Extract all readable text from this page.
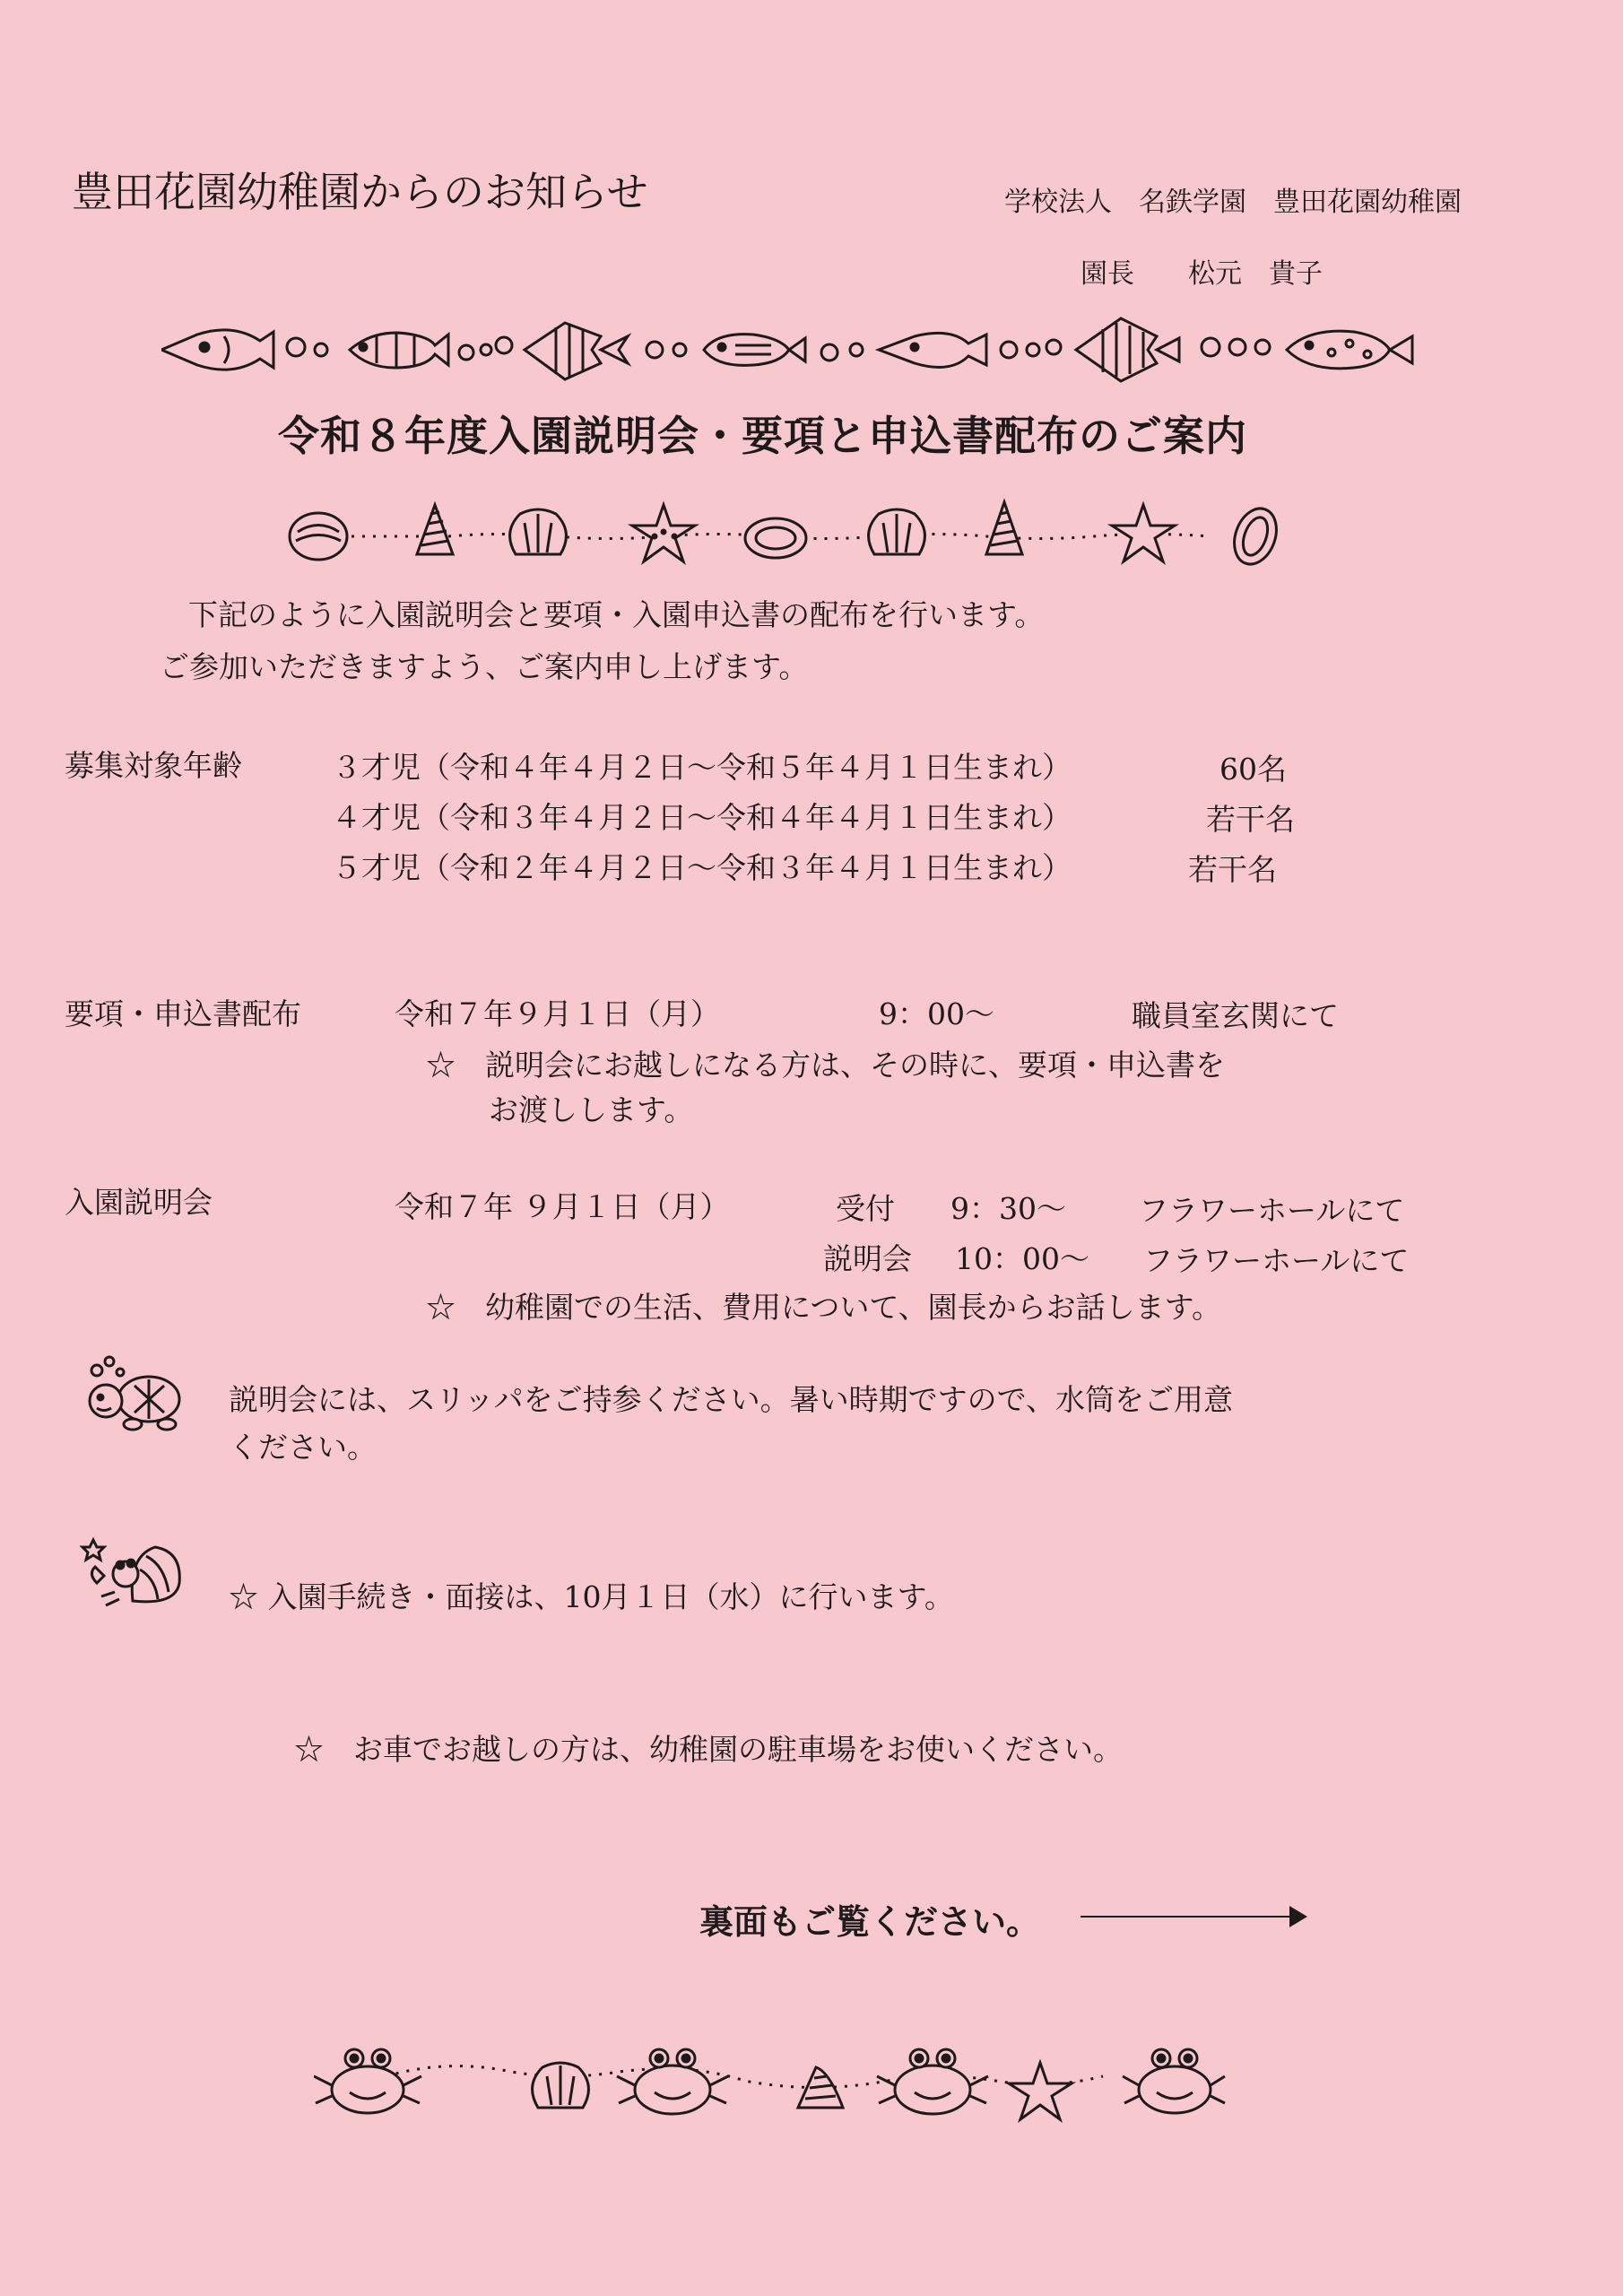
豊田花園幼稚園からのお知らせ	学校法人　名鉄学園　豊田花園幼稚園
園長　　松元　貴子
令和８年度入園説明会・要項と申込書配布のご案内
下記のように入園説明会と要項・入園申込書の配布を行います。
ご参加いただきますよう、ご案内申し上げます。
募集対象年齢	３才児（令和４年４月２日～令和５年４月１日生まれ）	60名
４才児（令和３年４月２日～令和４年４月１日生まれ）	若干名
５才児（令和２年４月２日～令和３年４月１日生まれ）	若干名
要項・申込書配布	令和７年９月１日（月）	9：00～	職員室玄関にて
☆　説明会にお越しになる方は、その時に、要項・申込書を
お渡しします。
入園説明会	令和７年 ９月１日（月）	受付 9：30～ フラワーホールにて
説明会 10：00～ フラワーホールにて
☆　幼稚園での生活、費用について、園長からお話します。
説明会には、スリッパをご持参ください。暑い時期ですので、水筒をご用意
ください。
☆ 入園手続き・面接は、10月１日（水）に行います。
☆　お車でお越しの方は、幼稚園の駐車場をお使いください。
裏面もご覧ください。
